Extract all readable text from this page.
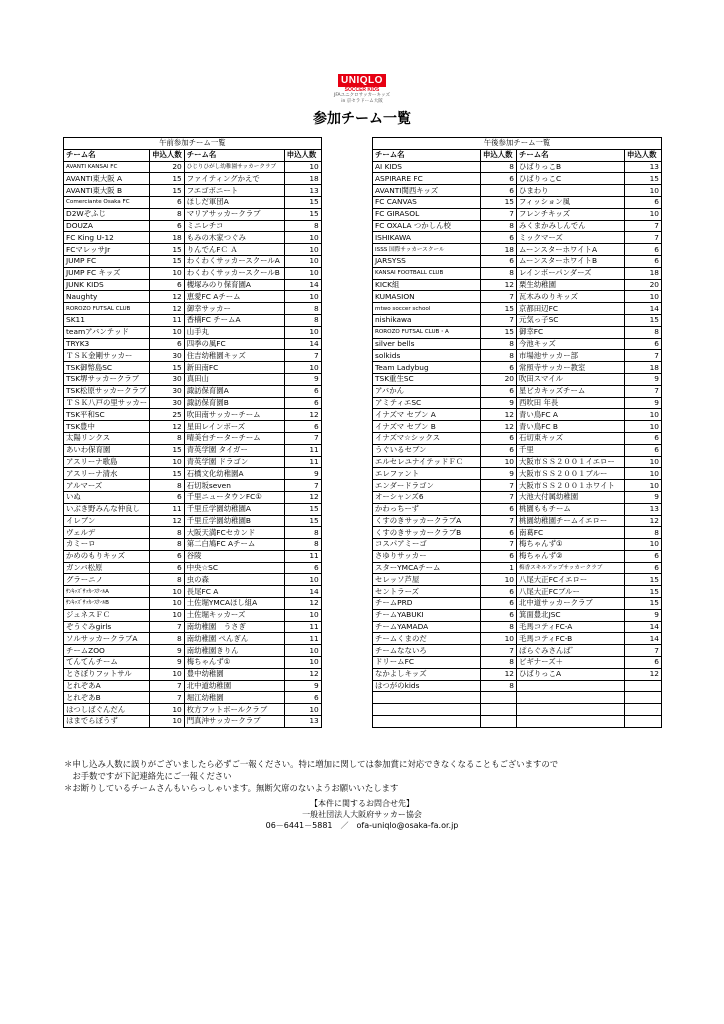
UNIQLO
SOCCER KIDS
JFAユニクロサッカーキッズ
in 京セラドーム大阪
参加チーム一覧
午前参加チーム一覧			
チーム名	申込人数	チーム名	申込人数
AVANTI KANSAI FC	20	ひじりひがし幼稚園サッカークラブ	10
AVANTI東大阪 A	15	ファイティングかえで	18
AVANTI東大阪 B	15	フエゴボニート	13
Comerciante Osaka FC	6	ほしだ軍団A	15
D2Wぞふじ	8	マリアサッカークラブ	15
DOUZA	6	ミニレチコ	8
FC King U-12	18	もみの木家つぐみ	10
FCマレッサJr	15	りんでんFＣ Ａ	10
JUMP FC	15	わくわくサッカースクールA	10
JUMP FC キッズ	10	わくわくサッカースクールB	10
JUNK KIDS	6	槻塚みのり保育園A	14
Naughty	12	恵愛FC Aチーム	10
ROROZO FUTSAL CLUB	12	御幸サッカー	8
SK11	11	香楠FC チームA	8
teamアバンテッド	10	山手丸	10
TRYK3	6	四季の風FC	14
ＴＳＫ金剛サッカー	30	住吉幼稚園キッズ	7
TSK御幣島SC	15	新田南FC	10
TSK堺サッカークラブ	30	真田山	9
TSK松原サッカークラブ	30	諏訪保育園A	6
ＴＳＫ八戸の里サッカー	30	諏訪保育園B	6
TSK平和SC	25	吹田南サッカーチーム	12
TSK豊中	12	星田レインボーズ	6
太陽リンクス	8	晴美台チーターチーム	7
あいわ保育園	15	青英学園 タイガー	11
アスリーナ歌島	10	青英学園 ドラゴン	11
アスリーナ清水	15	石橋文化幼稚園A	9
アルマーズ	8	石切坂seven	7
いぬ	6	千里ニュータウンFC①	12
いぶき野みんな仲良し	11	千里丘学園幼稚園A	15
イレブン	12	千里丘学園幼稚園B	15
ヴェルデ	8	大阪天満FCセカンド	8
カミーロ	8	第二白鳩FC Aチーム	8
かめのもりキッズ	6	谷陵	11
ガンバ松原	6	中央☆SC	6
グラーニノ	8	虫の森	10
ｻﾝｷｯｽﾞｻｯｶｰｽｸｰﾙA	10	長尾FC A	14
ｻﾝｷｯｽﾞｻｯｶｰｽｸｰﾙB	10	土佐堀YMCAほし組A	12
ジュネスＦＣ	10	土佐堀キッカーズ	10
ぞうぐみgirls	7	南幼稚園　うさぎ	11
ソルサッカークラブA	8	南幼稚園 ぺんぎん	11
チームZOO	9	南幼稚園きりん	10
てんてんチーム	9	梅ちゃんず①	10
とさぼりフットサル	10	豊中幼稚園	12
とれぞあA	7	北中道幼稚園	9
とれぞあB	7	堀江幼稚園	6
はつしばぐんだん	10	枚方フットボールクラブ	10
はまでらぼうず	10	門真沖サッカークラブ	13
午後参加チーム一覧			
チーム名	申込人数	チーム名	申込人数
AI KIDS	8	ひばりっこB	13
ASPIRARE FC	6	ひばりっこC	15
AVANTI関西キッズ	6	ひまわり	10
FC CANVAS	15	フィッション風	6
FC GIRASOL	7	フレンチキッズ	10
FC OXALA つかしん校	8	みくまかみしんでん	7
ISHIKAWA	6	ミックマーズ	7
ISSS 国際サッカースクール	18	ムーンスターホワイトA	6
JARSYSS	6	ムーンスターホワイトB	6
KANSAI FOOTBALL CLUB	8	レインボーパンダーズ	18
KICK組	12	栗生幼稚園	20
KUMASION	7	瓦木みのりキッズ	10
mtwo soccer school	15	京都田辺FC	14
nishikawa	7	元気っ子SC	15
ROROZO FUTSAL CLUB・A	15	御幸FC	8
silver bells	8	今池キッズ	6
solkids	8	市場池サッカー部	7
Team Ladybug	6	常照寺サッカー教室	18
TSK重生SC	20	吹田スマイル	9
アバかん	6	星ビカキッズチーム	7
アミティエSC	9	西吹田 年長	9
イナズマ セブン A	12	青い鳥FC A	10
イナズマ セブン B	12	青い鳥FC B	10
イナズマ☆シックス	6	石切東キッズ	6
うぐいるセブン	6	千里	6
エルセレユナイテッドＦＣ	10	大阪市ＳＳ２００１イエロー	10
エレファント	9	大阪市ＳＳ２００１ブルー	10
エンダードラゴン	7	大阪市ＳＳ２００１ホワイト	10
オーシャンズ6	7	大池大付属幼稚園	9
かわっちーず	6	桃園ももチーム	13
くすのきサッカークラブA	7	桃園幼稚園チームイエロー	12
くすのきサッカークラブB	6	南葛FC	8
コスパアミーゴ	7	梅ちゃんず①	10
さゆりサッカー	6	梅ちゃんず②	6
スターYMCAチーム	1	梅香スキルアップサッカークラブ	6
セレッソ芦屋	10	八尾大正FCイエロー	15
セントラーズ	6	八尾大正FCブルー	15
チームPRD	6	北中道サッカークラブ	15
チームYABUKI	6	箕面豊北JSC	9
チームYAMADA	8	毛馬コティFC-A	14
チームくまのだ	10	毛馬コティFC-B	14
チームなないろ	7	ぱらぐみさんばﾞ	7
ドリームFC	8	ビギナーズ＋	6
なかよしキッズ	12	ひばりっこA	12
はつがのkids	8		

＊申し込み人数に誤りがございましたら必ずご一報ください。特に増加に関しては参加賞に対応できなくなることもございますので
　お手数ですが下記連絡先にご一報ください
＊お断りしているチームさんもいらっしゃいます。無断欠席のないようお願いいたします
【本件に関するお問合せ先】
一般社団法人大阪府サッカー協会
06－6441－5881　／　ofa-uniqlo@osaka-fa.or.jp
